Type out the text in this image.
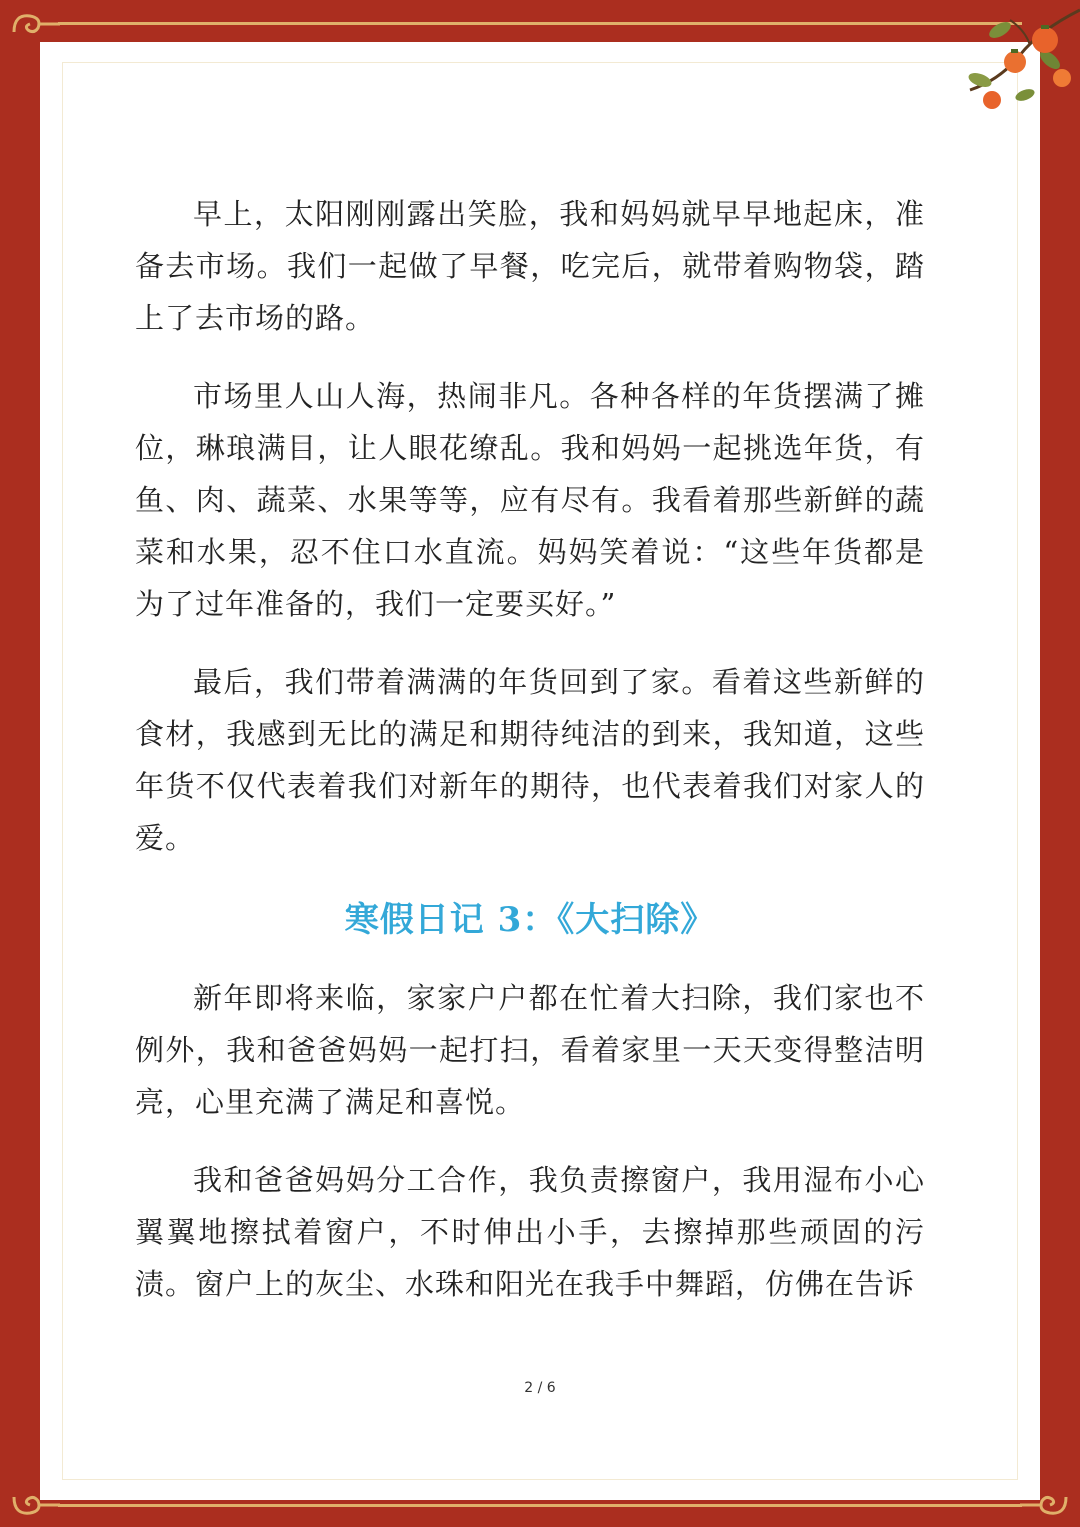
早上，太阳刚刚露出笑脸，我和妈妈就早早地起床，准备去市场。我们一起做了早餐，吃完后，就带着购物袋，踏上了去市场的路。

市场里人山人海，热闹非凡。各种各样的年货摆满了摊位，琳琅满目，让人眼花缭乱。我和妈妈一起挑选年货，有鱼、肉、蔬菜、水果等等，应有尽有。我看着那些新鲜的蔬菜和水果，忍不住口水直流。妈妈笑着说：“这些年货都是为了过年准备的，我们一定要买好。”

最后，我们带着满满的年货回到了家。看着这些新鲜的食材，我感到无比的满足和期待纯洁的到来，我知道，这些年货不仅代表着我们对新年的期待，也代表着我们对家人的爱。

寒假日记 3：《大扫除》

新年即将来临，家家户户都在忙着大扫除，我们家也不例外，我和爸爸妈妈一起打扫，看着家里一天天变得整洁明亮，心里充满了满足和喜悦。

我和爸爸妈妈分工合作，我负责擦窗户，我用湿布小心翼翼地擦拭着窗户，不时伸出小手，去擦掉那些顽固的污渍。窗户上的灰尘、水珠和阳光在我手中舞蹈，仿佛在告诉

2 / 6
